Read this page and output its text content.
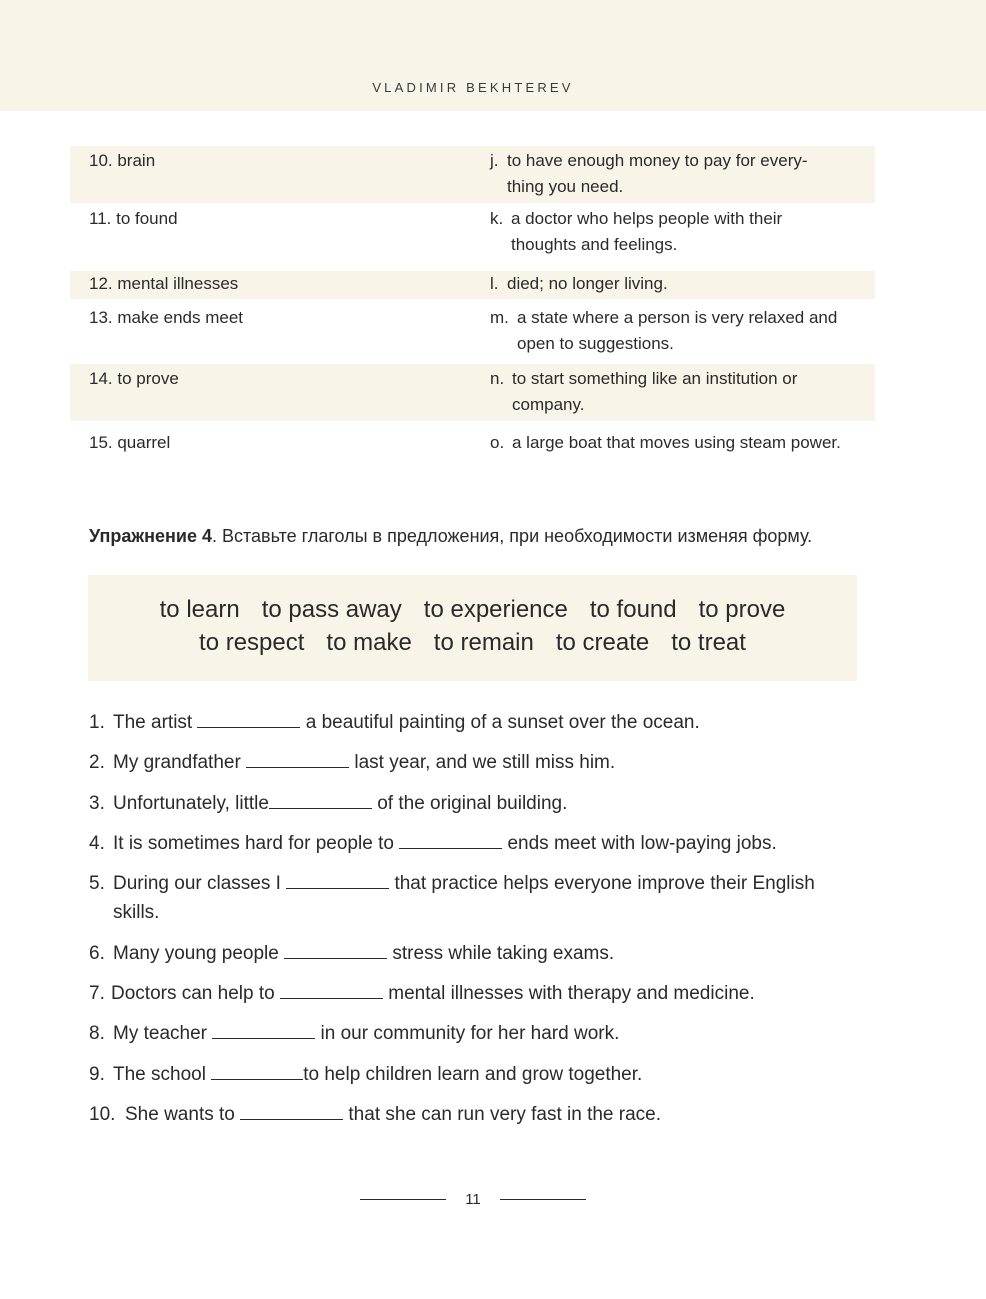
VLADIMIR BEKHTEREV
10. brain	j. to have enough money to pay for every-
thing you need.
11. to found	k. a doctor who helps people with their
thoughts and feelings.
12. mental illnesses	l. died; no longer living.
13. make ends meet	m. a state where a person is very relaxed and
open to suggestions.
14. to prove	n. to start something like an institution or
company.
15. quarrel	o. a large boat that moves using steam power.
Упражнение 4. Вставьте глаголы в предложения, при необходимости изменяя форму.
to learn to pass away to experience to found to prove
to respect to make to remain to create to treat
1. The artist	a beautiful painting of a sunset over the ocean.
2. My grandfather	last year, and we still miss him.
3. Unfortunately, little	of the original building.
4. It is sometimes hard for people to	ends meet with low-paying jobs.
5. During our classes I	that practice helps everyone improve their English skills.
6. Many young people	stress while taking exams.
7. Doctors can help to	mental illnesses with therapy and medicine.
8. My teacher	in our community for her hard work.
9. The school	to help children learn and grow together.
10. She wants to	that she can run very fast in the race.
11
